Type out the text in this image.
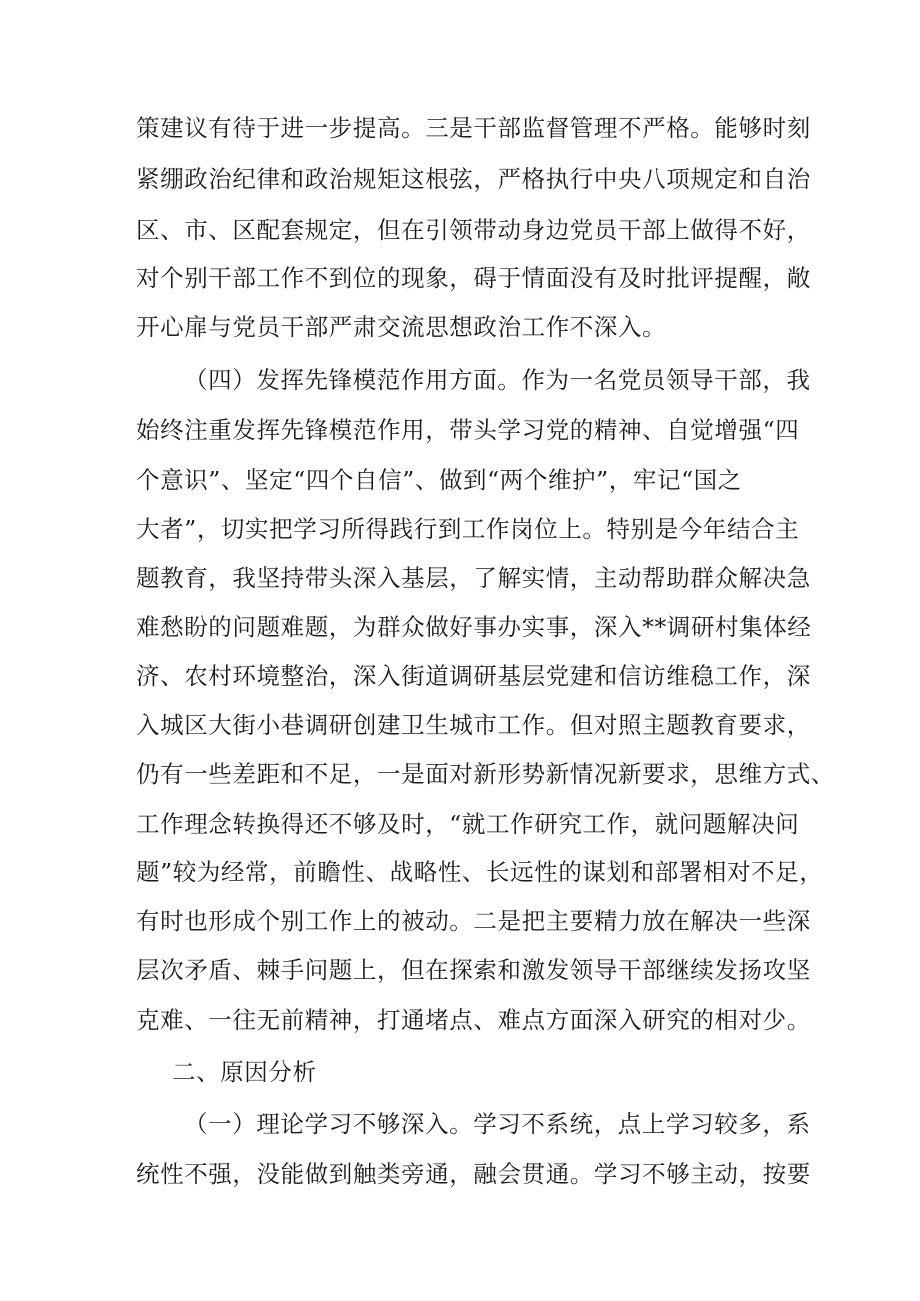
策建议有待于进一步提高。三是干部监督管理不严格。能够时刻
紧绷政治纪律和政治规矩这根弦，严格执行中央八项规定和自治
区、市、区配套规定，但在引领带动身边党员干部上做得不好，
对个别干部工作不到位的现象，碍于情面没有及时批评提醒，敞
开心扉与党员干部严肃交流思想政治工作不深入。
（四）发挥先锋模范作用方面。作为一名党员领导干部，我
始终注重发挥先锋模范作用，带头学习党的精神、自觉增强“四
个意识”、坚定“四个自信”、做到“两个维护”，牢记“国之
大者”，切实把学习所得践行到工作岗位上。特别是今年结合主
题教育，我坚持带头深入基层，了解实情，主动帮助群众解决急
难愁盼的问题难题，为群众做好事办实事，深入**调研村集体经
济、农村环境整治，深入街道调研基层党建和信访维稳工作，深
入城区大街小巷调研创建卫生城市工作。但对照主题教育要求，
仍有一些差距和不足，一是面对新形势新情况新要求，思维方式、
工作理念转换得还不够及时，“就工作研究工作，就问题解决问
题”较为经常，前瞻性、战略性、长远性的谋划和部署相对不足，
有时也形成个别工作上的被动。二是把主要精力放在解决一些深
层次矛盾、棘手问题上，但在探索和激发领导干部继续发扬攻坚
克难、一往无前精神，打通堵点、难点方面深入研究的相对少。
二、原因分析
（一）理论学习不够深入。学习不系统，点上学习较多，系
统性不强，没能做到触类旁通，融会贯通。学习不够主动，按要
